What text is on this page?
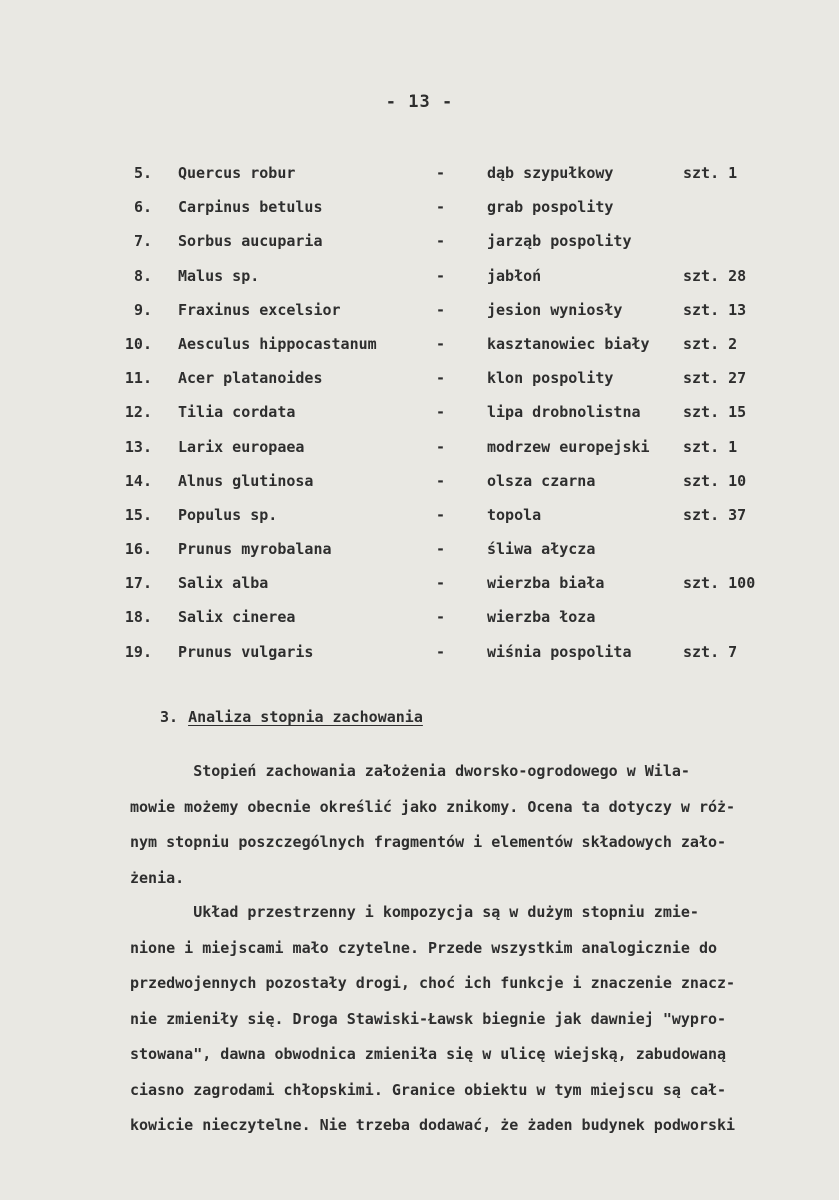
- 13 -
5. Quercus robur	-	dąb szypułkowy	szt. 1
6. Carpinus betulus	-	grab pospolity
7. Sorbus aucuparia	-	jarząb pospolity
8. Malus sp.	-	jabłoń	szt. 28
9. Fraxinus excelsior	-	jesion wyniosły	szt. 13
10. Aesculus hippocastanum	-	kasztanowiec biały szt. 2
11. Acer platanoides	-	klon pospolity	szt. 27
12. Tilia cordata	-	lipa drobnolistna	szt. 15
13. Larix europaea	-	modrzew europejski szt. 1
14. Alnus glutinosa	-	olsza czarna	szt. 10
15. Populus sp.	-	topola	szt. 37
16. Prunus myrobalana	-	śliwa ałycza
17. Salix alba	-	wierzba biała	szt. 100
18. Salix cinerea	-	wierzba łoza
19. Prunus vulgaris	-	wiśnia pospolita	szt. 7
3. Analiza stopnia zachowania
Stopień zachowania założenia dworsko-ogrodowego w Wila-
mowie możemy obecnie określić jako znikomy. Ocena ta dotyczy w róż-
nym stopniu poszczególnych fragmentów i elementów składowych zało-
żenia.
Układ przestrzenny i kompozycja są w dużym stopniu zmie-
nione i miejscami mało czytelne. Przede wszystkim analogicznie do
przedwojennych pozostały drogi, choć ich funkcje i znaczenie znacz-
nie zmieniły się. Droga Stawiski-Ławsk biegnie jak dawniej "wypro-
stowana", dawna obwodnica zmieniła się w ulicę wiejską, zabudowaną
ciasno zagrodami chłopskimi. Granice obiektu w tym miejscu są cał-
kowicie nieczytelne. Nie trzeba dodawać, że żaden budynek podworski
